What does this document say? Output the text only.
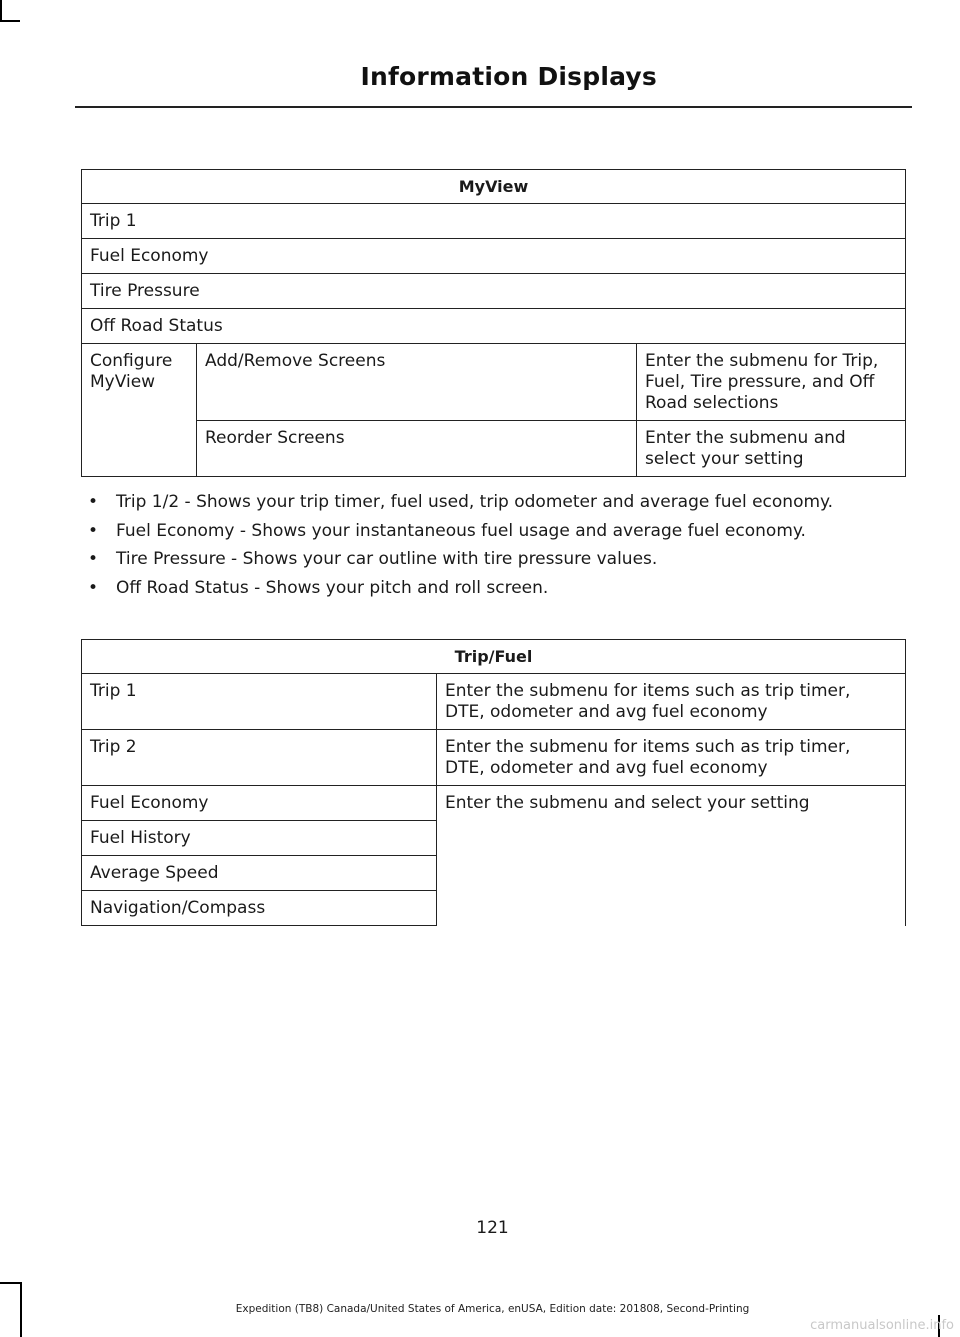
Information Displays
MyView		
Trip 1		
Fuel Economy		
Tire Pressure		
Off Road Status		
Configure MyView	Add/Remove Screens	Enter the submenu for Trip, Fuel, Tire pressure, and Off Road selections
	Reorder Screens	Enter the submenu and select your setting
• Trip 1/2 - Shows your trip timer, fuel used, trip odometer and average fuel economy.
• Fuel Economy - Shows your instantaneous fuel usage and average fuel economy.
• Tire Pressure - Shows your car outline with tire pressure values.
• Off Road Status - Shows your pitch and roll screen.
Trip/Fuel	
Trip 1	Enter the submenu for items such as trip timer, DTE, odometer and avg fuel economy
Trip 2	Enter the submenu for items such as trip timer, DTE, odometer and avg fuel economy
Fuel Economy	Enter the submenu and select your setting
Fuel History	
Average Speed	
Navigation/Compass	
121
Expedition (TB8) Canada/United States of America, enUSA, Edition date: 201808, Second-Printing
carmanualsonline.info
